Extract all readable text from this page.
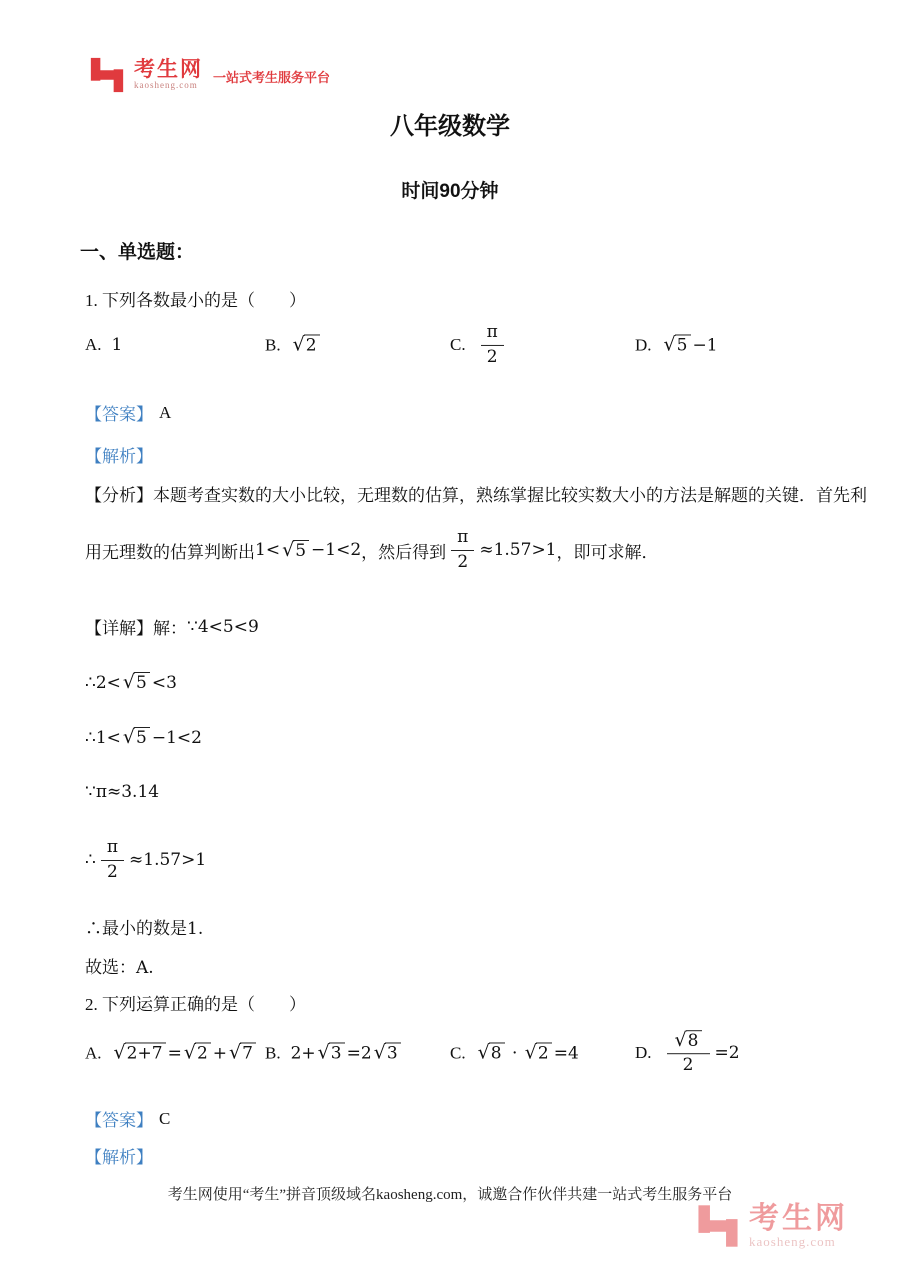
考生网
kaosheng.com
一站式考生服务平台
八年级数学
时间90分钟
一、单选题：
1. 下列各数最小的是（　　）
A. 1	B. √ 2	C. $\frac{\pi}{2}$	D. √ 5 −1
【答案】 A
【解析】
【分析】 本题考查实数的大小比较，无理数的估算，熟练掌握比较实数大小的方法是解题的关键．首先利
用无理数的估算判断出 1< √ 5 −1<2 ，然后得到 $\frac{\pi}{2} \approx 1.57>1$ ，即可求解．
【详解】 解： ∵ 4<5<9
∴ 2< √ 5 <3
∴ 1< √ 5 −1<2
∵ π≈3.14
∴ $\frac{\pi}{2} \approx 1.57>1$
∴最小的数是1.
故选：A.
2. 下列运算正确的是（　　）
A. √ 2+7 = √ 2 + √ 7 B. 2+ √ 3 =2 √ 3	C. √ 8 · √ 2 =4	D. $\frac{√ 8}{2} =2$
【答案】 C
【解析】
考生网使用“考生”拼音顶级域名kaosheng.com，诚邀合作伙伴共建一站式考生服务平台
考生网
kaosheng.com
